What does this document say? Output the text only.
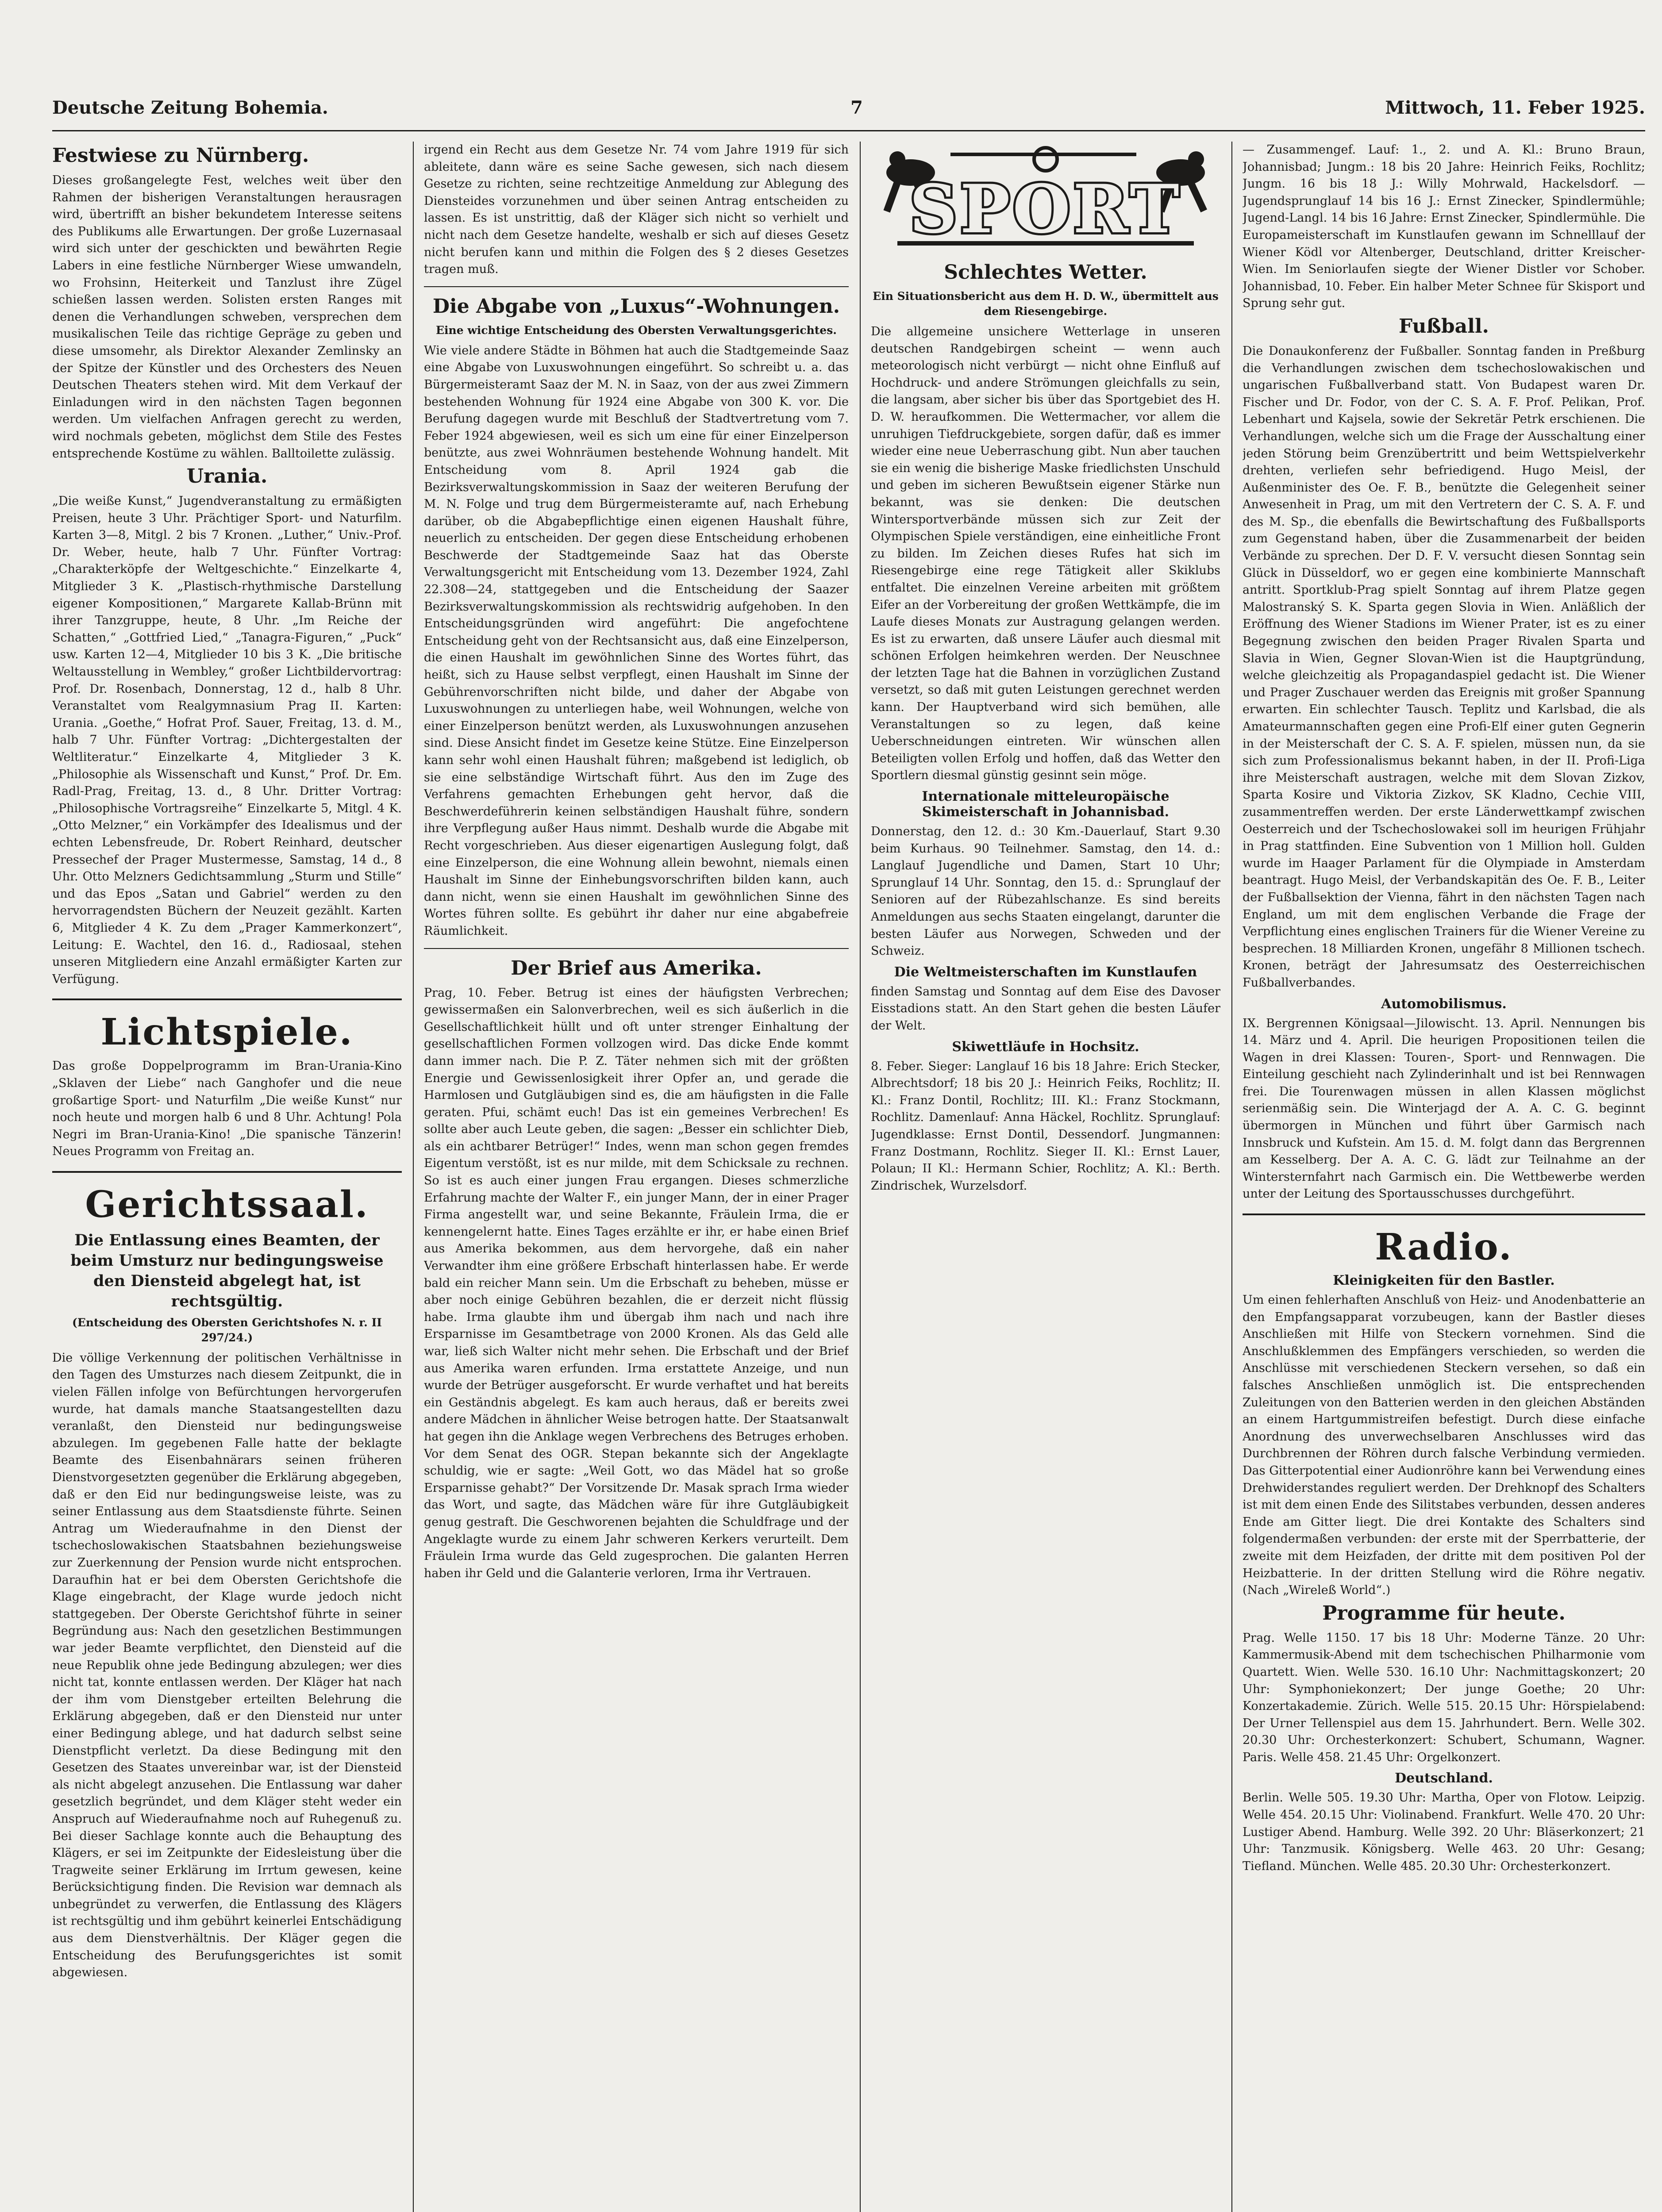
Deutsche Zeitung Bohemia.	7	Mittwoch, 11. Feber 1925.
Festwiese zu Nürnberg.

Dieses großangelegte Fest, welches weit über den Rahmen der bisherigen Veranstaltungen herausragen wird, übertrifft an bisher bekundetem Interesse seitens des Publikums alle Erwartungen. Der große Luzernasaal wird sich unter der geschickten und bewährten Regie Labers in eine festliche Nürnberger Wiese umwandeln, wo Frohsinn, Heiterkeit und Tanzlust ihre Zügel schießen lassen werden. Solisten ersten Ranges mit denen die Verhandlungen schweben, versprechen dem musikalischen Teile das richtige Gepräge zu geben und diese umsomehr, als Direktor Alexander Zemlinsky an der Spitze der Künstler und des Orchesters des Neuen Deutschen Theaters stehen wird. Mit dem Verkauf der Einladungen wird in den nächsten Tagen begonnen werden. Um vielfachen Anfragen gerecht zu werden, wird nochmals gebeten, möglichst dem Stile des Festes entsprechende Kostüme zu wählen. Balltoilette zulässig.

Urania.

„Die weiße Kunst,“ Jugendveranstaltung zu ermäßigten Preisen, heute 3 Uhr. Prächtiger Sport- und Naturfilm. Karten 3—8, Mitgl. 2 bis 7 Kronen. „Luther,“ Univ.-Prof. Dr. Weber, heute, halb 7 Uhr. Fünfter Vortrag: „Charakterköpfe der Weltgeschichte.“ Einzelkarte 4, Mitglieder 3 K. „Plastisch-rhythmische Darstellung eigener Kompositionen,“ Margarete Kallab-Brünn mit ihrer Tanzgruppe, heute, 8 Uhr. „Im Reiche der Schatten,“ „Gottfried Lied,“ „Tanagra-Figuren,“ „Puck“ usw. Karten 12—4, Mitglieder 10 bis 3 K. „Die britische Weltausstellung in Wembley,“ großer Lichtbildervortrag: Prof. Dr. Rosenbach, Donnerstag, 12 d., halb 8 Uhr. Veranstaltet vom Realgymnasium Prag II. Karten: Urania. „Goethe,“ Hofrat Prof. Sauer, Freitag, 13. d. M., halb 7 Uhr. Fünfter Vortrag: „Dichtergestalten der Weltliteratur.“ Einzelkarte 4, Mitglieder 3 K. „Philosophie als Wissenschaft und Kunst,“ Prof. Dr. Em. Radl-Prag, Freitag, 13. d., 8 Uhr. Dritter Vortrag: „Philosophische Vortragsreihe“ Einzelkarte 5, Mitgl. 4 K. „Otto Melzner,“ ein Vorkämpfer des Idealismus und der echten Lebensfreude, Dr. Robert Reinhard, deutscher Pressechef der Prager Mustermesse, Samstag, 14 d., 8 Uhr. Otto Melzners Gedichtsammlung „Sturm und Stille“ und das Epos „Satan und Gabriel“ werden zu den hervorragendsten Büchern der Neuzeit gezählt. Karten 6, Mitglieder 4 K. Zu dem „Prager Kammerkonzert“, Leitung: E. Wachtel, den 16. d., Radiosaal, stehen unseren Mitgliedern eine Anzahl ermäßigter Karten zur Verfügung.

Lichtspiele.

Das große Doppelprogramm im Bran-Urania-Kino „Sklaven der Liebe“ nach Ganghofer und die neue großartige Sport- und Naturfilm „Die weiße Kunst“ nur noch heute und morgen halb 6 und 8 Uhr. Achtung! Pola Negri im Bran-Urania-Kino! „Die spanische Tänzerin! Neues Programm von Freitag an.

Gerichtssaal.
Die Entlassung eines Beamten, der beim Umsturz nur bedingungsweise den Diensteid abgelegt hat, ist rechtsgültig.
(Entscheidung des Obersten Gerichtshofes N. r. II 297/24.)

Die völlige Verkennung der politischen Verhältnisse in den Tagen des Umsturzes nach diesem Zeitpunkt, die in vielen Fällen infolge von Befürchtungen hervorgerufen wurde, hat damals manche Staatsangestellten dazu veranlaßt, den Diensteid nur bedingungsweise abzulegen. Im gegebenen Falle hatte der beklagte Beamte des Eisenbahnärars seinen früheren Dienstvorgesetzten gegenüber die Erklärung abgegeben, daß er den Eid nur bedingungsweise leiste, was zu seiner Entlassung aus dem Staatsdienste führte. Seinen Antrag um Wiederaufnahme in den Dienst der tschechoslowakischen Staatsbahnen beziehungsweise zur Zuerkennung der Pension wurde nicht entsprochen. Daraufhin hat er bei dem Obersten Gerichtshofe die Klage eingebracht, der Klage wurde jedoch nicht stattgegeben. Der Oberste Gerichtshof führte in seiner Begründung aus: Nach den gesetzlichen Bestimmungen war jeder Beamte verpflichtet, den Diensteid auf die neue Republik ohne jede Bedingung abzulegen; wer dies nicht tat, konnte entlassen werden. Der Kläger hat nach der ihm vom Dienstgeber erteilten Belehrung die Erklärung abgegeben, daß er den Diensteid nur unter einer Bedingung ablege, und hat dadurch selbst seine Dienstpflicht verletzt. Da diese Bedingung mit den Gesetzen des Staates unvereinbar war, ist der Diensteid als nicht abgelegt anzusehen. Die Entlassung war daher gesetzlich begründet, und dem Kläger steht weder ein Anspruch auf Wiederaufnahme noch auf Ruhegenuß zu. Bei dieser Sachlage konnte auch die Behauptung des Klägers, er sei im Zeitpunkte der Eidesleistung über die Tragweite seiner Erklärung im Irrtum gewesen, keine Berücksichtigung finden. Die Revision war demnach als unbegründet zu verwerfen, die Entlassung des Klägers ist rechtsgültig und ihm gebührt keinerlei Entschädigung aus dem Dienstverhältnis. Der Kläger gegen die Entscheidung des Berufungsgerichtes ist somit abgewiesen.

irgend ein Recht aus dem Gesetze Nr. 74 vom Jahre 1919 für sich ableitete, dann wäre es seine Sache gewesen, sich nach diesem Gesetze zu richten, seine rechtzeitige Anmeldung zur Ablegung des Diensteides vorzunehmen und über seinen Antrag entscheiden zu lassen. Es ist unstrittig, daß der Kläger sich nicht so verhielt und nicht nach dem Gesetze handelte, weshalb er sich auf dieses Gesetz nicht berufen kann und mithin die Folgen des § 2 dieses Gesetzes tragen muß.

Die Abgabe von „Luxus“-Wohnungen.
Eine wichtige Entscheidung des Obersten Verwaltungsgerichtes.

Wie viele andere Städte in Böhmen hat auch die Stadtgemeinde Saaz eine Abgabe von Luxuswohnungen eingeführt. So schreibt u. a. das Bürgermeisteramt Saaz der M. N. in Saaz, von der aus zwei Zimmern bestehenden Wohnung für 1924 eine Abgabe von 300 K. vor. Die Berufung dagegen wurde mit Beschluß der Stadtvertretung vom 7. Feber 1924 abgewiesen, weil es sich um eine für einer Einzelperson benützte, aus zwei Wohnräumen bestehende Wohnung handelt. Mit Entscheidung vom 8. April 1924 gab die Bezirksverwaltungskommission in Saaz der weiteren Berufung der M. N. Folge und trug dem Bürgermeisteramte auf, nach Erhebung darüber, ob die Abgabepflichtige einen eigenen Haushalt führe, neuerlich zu entscheiden. Der gegen diese Entscheidung erhobenen Beschwerde der Stadtgemeinde Saaz hat das Oberste Verwaltungsgericht mit Entscheidung vom 13. Dezember 1924, Zahl 22.308—24, stattgegeben und die Entscheidung der Saazer Bezirksverwaltungskommission als rechtswidrig aufgehoben. In den Entscheidungsgründen wird angeführt: Die angefochtene Entscheidung geht von der Rechtsansicht aus, daß eine Einzelperson, die einen Haushalt im gewöhnlichen Sinne des Wortes führt, das heißt, sich zu Hause selbst verpflegt, einen Haushalt im Sinne der Gebührenvorschriften nicht bilde, und daher der Abgabe von Luxuswohnungen zu unterliegen habe, weil Wohnungen, welche von einer Einzelperson benützt werden, als Luxuswohnungen anzusehen sind. Diese Ansicht findet im Gesetze keine Stütze. Eine Einzelperson kann sehr wohl einen Haushalt führen; maßgebend ist lediglich, ob sie eine selbständige Wirtschaft führt. Aus den im Zuge des Verfahrens gemachten Erhebungen geht hervor, daß die Beschwerdeführerin keinen selbständigen Haushalt führe, sondern ihre Verpflegung außer Haus nimmt. Deshalb wurde die Abgabe mit Recht vorgeschrieben. Aus dieser eigenartigen Auslegung folgt, daß eine Einzelperson, die eine Wohnung allein bewohnt, niemals einen Haushalt im Sinne der Einhebungsvorschriften bilden kann, auch dann nicht, wenn sie einen Haushalt im gewöhnlichen Sinne des Wortes führen sollte. Es gebührt ihr daher nur eine abgabefreie Räumlichkeit.

Der Brief aus Amerika.

Prag, 10. Feber. Betrug ist eines der häufigsten Verbrechen; gewissermaßen ein Salonverbrechen, weil es sich äußerlich in die Gesellschaftlichkeit hüllt und oft unter strenger Einhaltung der gesellschaftlichen Formen vollzogen wird. Das dicke Ende kommt dann immer nach. Die P. Z. Täter nehmen sich mit der größten Energie und Gewissenlosigkeit ihrer Opfer an, und gerade die Harmlosen und Gutgläubigen sind es, die am häufigsten in die Falle geraten. Pfui, schämt euch! Das ist ein gemeines Verbrechen! Es sollte aber auch Leute geben, die sagen: „Besser ein schlichter Dieb, als ein achtbarer Betrüger!“ Indes, wenn man schon gegen fremdes Eigentum verstößt, ist es nur milde, mit dem Schicksale zu rechnen. So ist es auch einer jungen Frau ergangen. Dieses schmerzliche Erfahrung machte der Walter F., ein junger Mann, der in einer Prager Firma angestellt war, und seine Bekannte, Fräulein Irma, die er kennengelernt hatte. Eines Tages erzählte er ihr, er habe einen Brief aus Amerika bekommen, aus dem hervorgehe, daß ein naher Verwandter ihm eine größere Erbschaft hinterlassen habe. Er werde bald ein reicher Mann sein. Um die Erbschaft zu beheben, müsse er aber noch einige Gebühren bezahlen, die er derzeit nicht flüssig habe. Irma glaubte ihm und übergab ihm nach und nach ihre Ersparnisse im Gesamtbetrage von 2000 Kronen. Als das Geld alle war, ließ sich Walter nicht mehr sehen. Die Erbschaft und der Brief aus Amerika waren erfunden. Irma erstattete Anzeige, und nun wurde der Betrüger ausgeforscht. Er wurde verhaftet und hat bereits ein Geständnis abgelegt. Es kam auch heraus, daß er bereits zwei andere Mädchen in ähnlicher Weise betrogen hatte. Der Staatsanwalt hat gegen ihn die Anklage wegen Verbrechens des Betruges erhoben. Vor dem Senat des OGR. Stepan bekannte sich der Angeklagte schuldig, wie er sagte: „Weil Gott, wo das Mädel hat so große Ersparnisse gehabt?“ Der Vorsitzende Dr. Masak sprach Irma wieder das Wort, und sagte, das Mädchen wäre für ihre Gutgläubigkeit genug gestraft. Die Geschworenen bejahten die Schuldfrage und der Angeklagte wurde zu einem Jahr schweren Kerkers verurteilt. Dem Fräulein Irma wurde das Geld zugesprochen. Die galanten Herren haben ihr Geld und die Galanterie verloren, Irma ihr Vertrauen.

SPORT
Schlechtes Wetter.
Ein Situationsbericht aus dem H. D. W., übermittelt aus dem Riesengebirge.

Die allgemeine unsichere Wetterlage in unseren deutschen Randgebirgen scheint — wenn auch meteorologisch nicht verbürgt — nicht ohne Einfluß auf Hochdruck- und andere Strömungen gleichfalls zu sein, die langsam, aber sicher bis über das Sportgebiet des H. D. W. heraufkommen. Die Wettermacher, vor allem die unruhigen Tiefdruckgebiete, sorgen dafür, daß es immer wieder eine neue Ueberraschung gibt. Nun aber tauchen sie ein wenig die bisherige Maske friedlichsten Unschuld und geben im sicheren Bewußtsein eigener Stärke nun bekannt, was sie denken: Die deutschen Wintersportverbände müssen sich zur Zeit der Olympischen Spiele verständigen, eine einheitliche Front zu bilden. Im Zeichen dieses Rufes hat sich im Riesengebirge eine rege Tätigkeit aller Skiklubs entfaltet. Die einzelnen Vereine arbeiten mit größtem Eifer an der Vorbereitung der großen Wettkämpfe, die im Laufe dieses Monats zur Austragung gelangen werden. Es ist zu erwarten, daß unsere Läufer auch diesmal mit schönen Erfolgen heimkehren werden. Der Neuschnee der letzten Tage hat die Bahnen in vorzüglichen Zustand versetzt, so daß mit guten Leistungen gerechnet werden kann. Der Hauptverband wird sich bemühen, alle Veranstaltungen so zu legen, daß keine Ueberschneidungen eintreten. Wir wünschen allen Beteiligten vollen Erfolg und hoffen, daß das Wetter den Sportlern diesmal günstig gesinnt sein möge.

Internationale mitteleuropäische Skimeisterschaft in Johannisbad.

Donnerstag, den 12. d.: 30 Km.-Dauerlauf, Start 9.30 beim Kurhaus. 90 Teilnehmer. Samstag, den 14. d.: Langlauf Jugendliche und Damen, Start 10 Uhr; Sprunglauf 14 Uhr. Sonntag, den 15. d.: Sprunglauf der Senioren auf der Rübezahlschanze. Es sind bereits Anmeldungen aus sechs Staaten eingelangt, darunter die besten Läufer aus Norwegen, Schweden und der Schweiz.

Die Weltmeisterschaften im Kunstlaufen

finden Samstag und Sonntag auf dem Eise des Davoser Eisstadions statt. An den Start gehen die besten Läufer der Welt.

Skiwettläufe in Hochsitz.

8. Feber. Sieger: Langlauf 16 bis 18 Jahre: Erich Stecker, Albrechtsdorf; 18 bis 20 J.: Heinrich Feiks, Rochlitz; II. Kl.: Franz Dontil, Rochlitz; III. Kl.: Franz Stockmann, Rochlitz. Damenlauf: Anna Häckel, Rochlitz. Sprunglauf: Jugendklasse: Ernst Dontil, Dessendorf. Jungmannen: Franz Dostmann, Rochlitz. Sieger II. Kl.: Ernst Lauer, Polaun; II Kl.: Hermann Schier, Rochlitz; A. Kl.: Berth. Zindrischek, Wurzelsdorf.

— Zusammengef. Lauf: 1., 2. und A. Kl.: Bruno Braun, Johannisbad; Jungm.: 18 bis 20 Jahre: Heinrich Feiks, Rochlitz; Jungm. 16 bis 18 J.: Willy Mohrwald, Hackelsdorf. — Jugendsprunglauf 14 bis 16 J.: Ernst Zinecker, Spindlermühle; Jugend-Langl. 14 bis 16 Jahre: Ernst Zinecker, Spindlermühle. Die Europameisterschaft im Kunstlaufen gewann im Schnelllauf der Wiener Ködl vor Altenberger, Deutschland, dritter Kreischer-Wien. Im Seniorlaufen siegte der Wiener Distler vor Schober. Johannisbad, 10. Feber. Ein halber Meter Schnee für Skisport und Sprung sehr gut.

Fußball.

Die Donaukonferenz der Fußballer. Sonntag fanden in Preßburg die Verhandlungen zwischen dem tschechoslowakischen und ungarischen Fußballverband statt. Von Budapest waren Dr. Fischer und Dr. Fodor, von der C. S. A. F. Prof. Pelikan, Prof. Lebenhart und Kajsela, sowie der Sekretär Petrk erschienen. Die Verhandlungen, welche sich um die Frage der Ausschaltung einer jeden Störung beim Grenzübertritt und beim Wettspielverkehr drehten, verliefen sehr befriedigend. Hugo Meisl, der Außenminister des Oe. F. B., benützte die Gelegenheit seiner Anwesenheit in Prag, um mit den Vertretern der C. S. A. F. und des M. Sp., die ebenfalls die Bewirtschaftung des Fußballsports zum Gegenstand haben, über die Zusammenarbeit der beiden Verbände zu sprechen. Der D. F. V. versucht diesen Sonntag sein Glück in Düsseldorf, wo er gegen eine kombinierte Mannschaft antritt. Sportklub-Prag spielt Sonntag auf ihrem Platze gegen Malostranský S. K. Sparta gegen Slovia in Wien. Anläßlich der Eröffnung des Wiener Stadions im Wiener Prater, ist es zu einer Begegnung zwischen den beiden Prager Rivalen Sparta und Slavia in Wien, Gegner Slovan-Wien ist die Hauptgründung, welche gleichzeitig als Propagandaspiel gedacht ist. Die Wiener und Prager Zuschauer werden das Ereignis mit großer Spannung erwarten. Ein schlechter Tausch. Teplitz und Karlsbad, die als Amateurmannschaften gegen eine Profi-Elf einer guten Gegnerin in der Meisterschaft der C. S. A. F. spielen, müssen nun, da sie sich zum Professionalismus bekannt haben, in der II. Profi-Liga ihre Meisterschaft austragen, welche mit dem Slovan Zizkov, Sparta Kosire und Viktoria Zizkov, SK Kladno, Cechie VIII, zusammentreffen werden. Der erste Länderwettkampf zwischen Oesterreich und der Tschechoslowakei soll im heurigen Frühjahr in Prag stattfinden. Eine Subvention von 1 Million holl. Gulden wurde im Haager Parlament für die Olympiade in Amsterdam beantragt. Hugo Meisl, der Verbandskapitän des Oe. F. B., Leiter der Fußballsektion der Vienna, fährt in den nächsten Tagen nach England, um mit dem englischen Verbande die Frage der Verpflichtung eines englischen Trainers für die Wiener Vereine zu besprechen. 18 Milliarden Kronen, ungefähr 8 Millionen tschech. Kronen, beträgt der Jahresumsatz des Oesterreichischen Fußballverbandes.

Automobilismus.

IX. Bergrennen Königsaal—Jilowischt. 13. April. Nennungen bis 14. März und 4. April. Die heurigen Propositionen teilen die Wagen in drei Klassen: Touren-, Sport- und Rennwagen. Die Einteilung geschieht nach Zylinderinhalt und ist bei Rennwagen frei. Die Tourenwagen müssen in allen Klassen möglichst serienmäßig sein. Die Winterjagd der A. A. C. G. beginnt übermorgen in München und führt über Garmisch nach Innsbruck und Kufstein. Am 15. d. M. folgt dann das Bergrennen am Kesselberg. Der A. A. C. G. lädt zur Teilnahme an der Wintersternfahrt nach Garmisch ein. Die Wettbewerbe werden unter der Leitung des Sportausschusses durchgeführt.

Radio.
Kleinigkeiten für den Bastler.

Um einen fehlerhaften Anschluß von Heiz- und Anodenbatterie an den Empfangsapparat vorzubeugen, kann der Bastler dieses Anschließen mit Hilfe von Steckern vornehmen. Sind die Anschlußklemmen des Empfängers verschieden, so werden die Anschlüsse mit verschiedenen Steckern versehen, so daß ein falsches Anschließen unmöglich ist. Die entsprechenden Zuleitungen von den Batterien werden in den gleichen Abständen an einem Hartgummistreifen befestigt. Durch diese einfache Anordnung des unverwechselbaren Anschlusses wird das Durchbrennen der Röhren durch falsche Verbindung vermieden. Das Gitterpotential einer Audionröhre kann bei Verwendung eines Drehwiderstandes reguliert werden. Der Drehknopf des Schalters ist mit dem einen Ende des Silitstabes verbunden, dessen anderes Ende am Gitter liegt. Die drei Kontakte des Schalters sind folgendermaßen verbunden: der erste mit der Sperrbatterie, der zweite mit dem Heizfaden, der dritte mit dem positiven Pol der Heizbatterie. In der dritten Stellung wird die Röhre negativ. (Nach „Wireleß World“.)

Programme für heute.

Prag. Welle 1150. 17 bis 18 Uhr: Moderne Tänze. 20 Uhr: Kammermusik-Abend mit dem tschechischen Philharmonie vom Quartett. Wien. Welle 530. 16.10 Uhr: Nachmittagskonzert; 20 Uhr: Symphoniekonzert; Der junge Goethe; 20 Uhr: Konzertakademie. Zürich. Welle 515. 20.15 Uhr: Hörspielabend: Der Urner Tellenspiel aus dem 15. Jahrhundert. Bern. Welle 302. 20.30 Uhr: Orchesterkonzert: Schubert, Schumann, Wagner. Paris. Welle 458. 21.45 Uhr: Orgelkonzert.

Deutschland.

Berlin. Welle 505. 19.30 Uhr: Martha, Oper von Flotow. Leipzig. Welle 454. 20.15 Uhr: Violinabend. Frankfurt. Welle 470. 20 Uhr: Lustiger Abend. Hamburg. Welle 392. 20 Uhr: Bläserkonzert; 21 Uhr: Tanzmusik. Königsberg. Welle 463. 20 Uhr: Gesang; Tiefland. München. Welle 485. 20.30 Uhr: Orchesterkonzert.
